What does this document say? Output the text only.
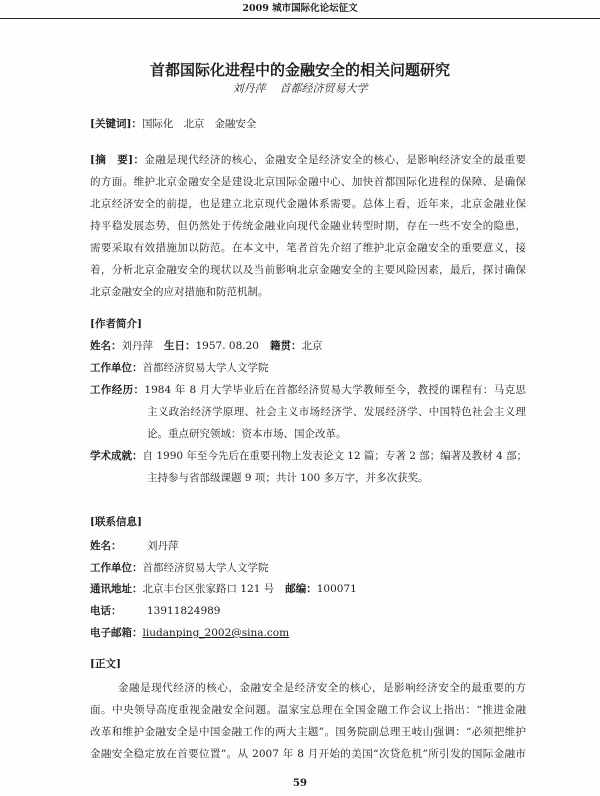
2009 城市国际化论坛征文
首都国际化进程中的金融安全的相关问题研究
刘丹萍 首都经济贸易大学
[关键词]：国际化 北京 金融安全
[摘　要]：金融是现代经济的核心，金融安全是经济安全的核心，是影响经济安全的最重要
的方面。维护北京金融安全是建设北京国际金融中心、加快首都国际化进程的保障、是确保
北京经济安全的前提，也是建立北京现代金融体系需要。总体上看，近年来，北京金融业保
持平稳发展态势，但仍然处于传统金融业向现代金融业转型时期，存在一些不安全的隐患，
需要采取有效措施加以防范。在本文中，笔者首先介绍了维护北京金融安全的重要意义，接
着，分析北京金融安全的现状以及当前影响北京金融安全的主要风险因素，最后，探讨确保
北京金融安全的应对措施和防范机制。
[作者简介]
姓名：刘丹萍 生日：1957. 08.20 籍贯：北京
工作单位：首都经济贸易大学人文学院
工作经历：1984 年 8 月大学毕业后在首都经济贸易大学教师至今，教授的课程有：马克思
主义政治经济学原理、社会主义市场经济学、发展经济学、中国特色社会主义理
论。重点研究领域：资本市场、国企改革。
学术成就：自 1990 年至今先后在重要刊物上发表论文 12 篇；专著 2 部；编著及教材 4 部；
主持参与省部级课题 9 项；共计 100 多万字，并多次获奖。
[联系信息]
姓名： 刘丹萍
工作单位：首都经济贸易大学人文学院
通讯地址：北京丰台区张家路口 121 号 邮编：100071
电话： 13911824989
电子邮箱：liudanping_2002@sina.com
[正文]
金融是现代经济的核心，金融安全是经济安全的核心，是影响经济安全的最重要的方
面。中央领导高度重视金融安全问题。温家宝总理在全国金融工作会议上指出：“推进金融
改革和维护金融安全是中国金融工作的两大主题”。国务院副总理王岐山强调：“必须把维护
金融安全稳定放在首要位置”。从 2007 年 8 月开始的美国“次贷危机”所引发的国际金融市
59
